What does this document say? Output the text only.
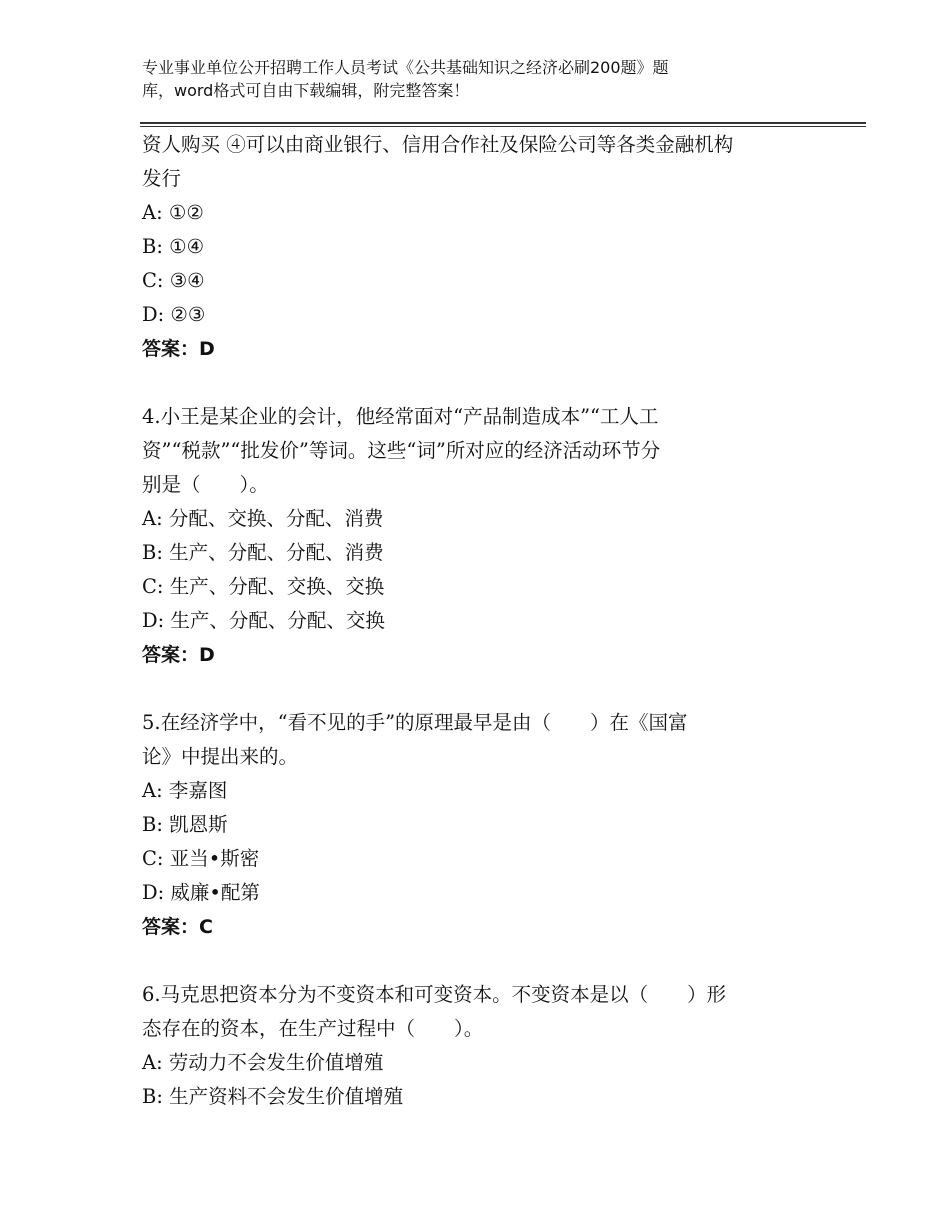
专业事业单位公开招聘工作人员考试《公共基础知识之经济必刷200题》题
库，word格式可自由下载编辑，附完整答案！
资人购买 ④可以由商业银行、信用合作社及保险公司等各类金融机构
发行
A: ①②
B: ①④
C: ③④
D: ②③
答案：D
4.小王是某企业的会计，他经常面对“产品制造成本”“工人工
资”“税款”“批发价”等词。这些“词”所对应的经济活动环节分
别是（　　）。
A: 分配、交换、分配、消费
B: 生产、分配、分配、消费
C: 生产、分配、交换、交换
D: 生产、分配、分配、交换
答案：D
5.在经济学中，“看不见的手”的原理最早是由（　　）在《国富
论》中提出来的。
A: 李嘉图
B: 凯恩斯
C: 亚当•斯密
D: 威廉•配第
答案：C
6.马克思把资本分为不变资本和可变资本。不变资本是以（　　）形
态存在的资本，在生产过程中（　　）。
A: 劳动力不会发生价值增殖
B: 生产资料不会发生价值增殖
